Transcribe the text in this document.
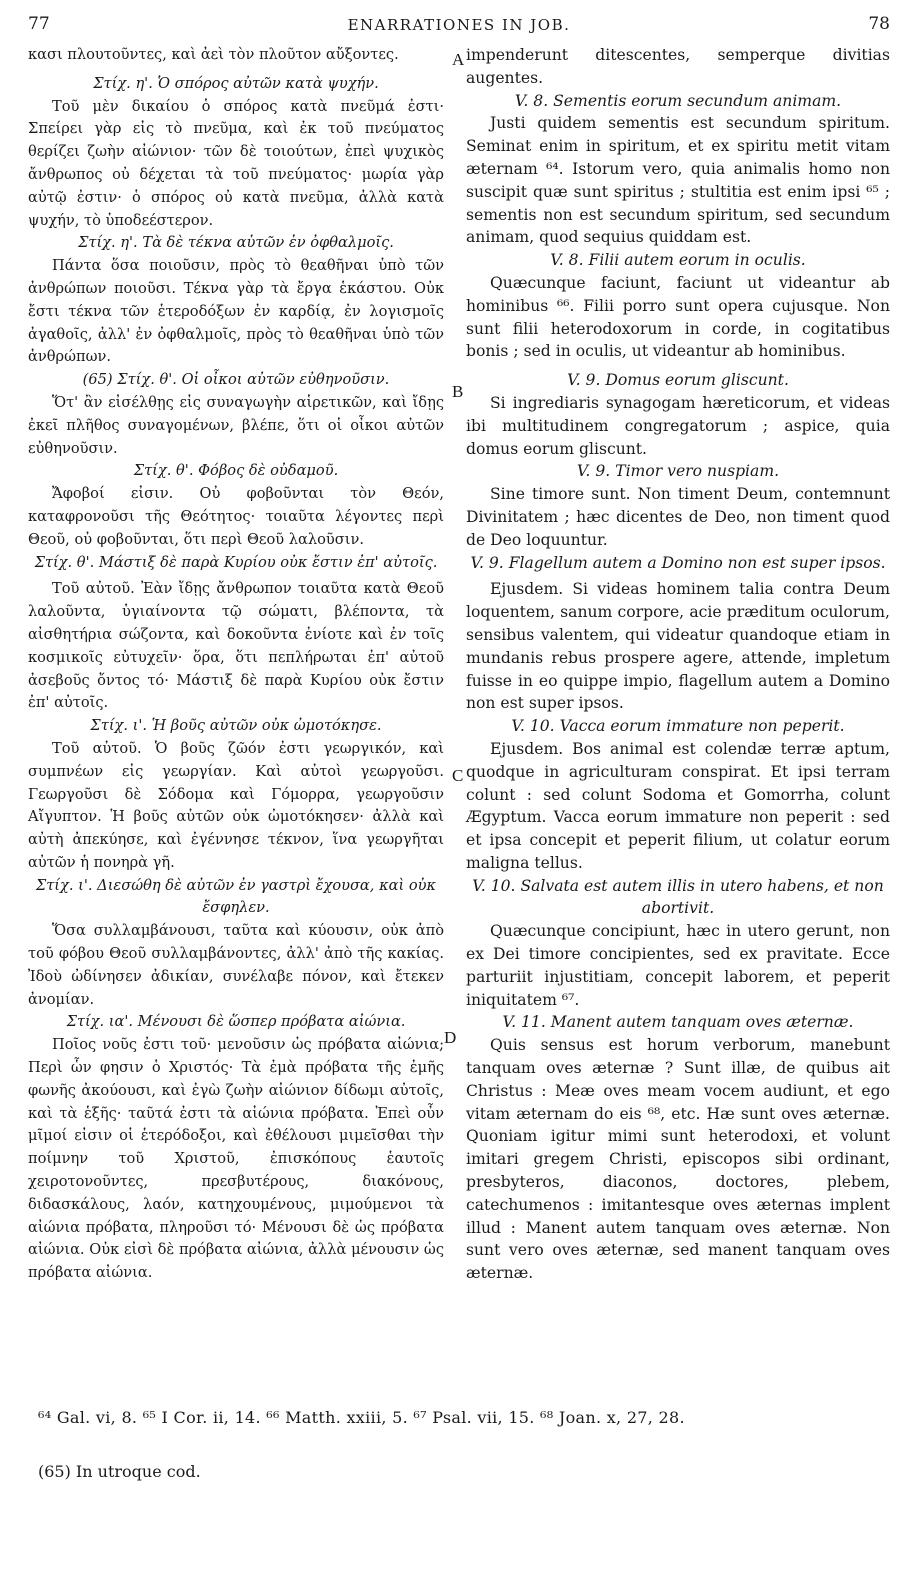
77	ENARRATIONES IN JOB.	78

κασι πλουτοῦντες, καὶ ἀεὶ τὸν πλοῦτον αὔξοντες.

Στίχ. η'. Ὁ σπόρος αὐτῶν κατὰ ψυχήν.

Τοῦ μὲν δικαίου ὁ σπόρος κατὰ πνεῦμά ἐστι· Σπείρει γὰρ εἰς τὸ πνεῦμα, καὶ ἐκ τοῦ πνεύματος θερίζει ζωὴν αἰώνιον· τῶν δὲ τοιούτων, ἐπεὶ ψυχικὸς ἄνθρωπος οὐ δέχεται τὰ τοῦ πνεύματος· μωρία γὰρ αὐτῷ ἐστιν· ὁ σπόρος οὐ κατὰ πνεῦμα, ἀλλὰ κατὰ ψυχήν, τὸ ὑποδεέστερον.

Στίχ. η'. Τὰ δὲ τέκνα αὐτῶν ἐν ὀφθαλμοῖς.

Πάντα ὅσα ποιοῦσιν, πρὸς τὸ θεαθῆναι ὑπὸ τῶν ἀνθρώπων ποιοῦσι. Τέκνα γὰρ τὰ ἔργα ἑκάστου. Οὐκ ἔστι τέκνα τῶν ἑτεροδόξων ἐν καρδίᾳ, ἐν λογισμοῖς ἀγαθοῖς, ἀλλ' ἐν ὀφθαλμοῖς, πρὸς τὸ θεαθῆναι ὑπὸ τῶν ἀνθρώπων.

(65) Στίχ. θ'. Οἱ οἶκοι αὐτῶν εὐθηνοῦσιν.

Ὅτ' ἂν εἰσέλθῃς εἰς συναγωγὴν αἱρετικῶν, καὶ ἴδῃς ἐκεῖ πλῆθος συναγομένων, βλέπε, ὅτι οἱ οἶκοι αὐτῶν εὐθηνοῦσιν.

Στίχ. θ'. Φόβος δὲ οὐδαμοῦ.

Ἄφοβοί εἰσιν. Οὐ φοβοῦνται τὸν Θεόν, καταφρονοῦσι τῆς Θεότητος· τοιαῦτα λέγοντες περὶ Θεοῦ, οὐ φοβοῦνται, ὅτι περὶ Θεοῦ λαλοῦσιν.

Στίχ. θ'. Μάστιξ δὲ παρὰ Κυρίου οὐκ ἔστιν ἐπ' αὐτοῖς.

Τοῦ αὐτοῦ. Ἐὰν ἴδῃς ἄνθρωπον τοιαῦτα κατὰ Θεοῦ λαλοῦντα, ὑγιαίνοντα τῷ σώματι, βλέποντα, τὰ αἰσθητήρια σώζοντα, καὶ δοκοῦντα ἐνίοτε καὶ ἐν τοῖς κοσμικοῖς εὐτυχεῖν· ὅρα, ὅτι πεπλήρωται ἐπ' αὐτοῦ ἀσεβοῦς ὄντος τό· Μάστιξ δὲ παρὰ Κυρίου οὐκ ἔστιν ἐπ' αὐτοῖς.

Στίχ. ι'. Ἡ βοῦς αὐτῶν οὐκ ὠμοτόκησε.

Τοῦ αὐτοῦ. Ὁ βοῦς ζῶόν ἐστι γεωργικόν, καὶ συμπνέων εἰς γεωργίαν. Καὶ αὐτοὶ γεωργοῦσι. Γεωργοῦσι δὲ Σόδομα καὶ Γόμορρα, γεωργοῦσιν Αἴγυπτον. Ἡ βοῦς αὐτῶν οὐκ ὠμοτόκησεν· ἀλλὰ καὶ αὐτὴ ἀπεκύησε, καὶ ἐγέννησε τέκνον, ἵνα γεωργῆται αὐτῶν ἡ πονηρὰ γῆ.

Στίχ. ι'. Διεσώθη δὲ αὐτῶν ἐν γαστρὶ ἔχουσα, καὶ οὐκ ἔσφηλεν.

Ὅσα συλλαμβάνουσι, ταῦτα καὶ κύουσιν, οὐκ ἀπὸ τοῦ φόβου Θεοῦ συλλαμβάνοντες, ἀλλ' ἀπὸ τῆς κακίας. Ἰδοὺ ὠδίνησεν ἀδικίαν, συνέλαβε πόνον, καὶ ἔτεκεν ἀνομίαν.

Στίχ. ια'. Μένουσι δὲ ὥσπερ πρόβατα αἰώνια.

Ποῖος νοῦς ἐστι τοῦ· μενοῦσιν ὡς πρόβατα αἰώνια; Περὶ ὧν φησιν ὁ Χριστός· Τὰ ἐμὰ πρόβατα τῆς ἐμῆς φωνῆς ἀκούουσι, καὶ ἐγὼ ζωὴν αἰώνιον δίδωμι αὐτοῖς, καὶ τὰ ἑξῆς· ταῦτά ἐστι τὰ αἰώνια πρόβατα. Ἐπεὶ οὖν μῖμοί εἰσιν οἱ ἑτερόδοξοι, καὶ ἐθέλουσι μιμεῖσθαι τὴν ποίμνην τοῦ Χριστοῦ, ἐπισκόπους ἑαυτοῖς χειροτονοῦντες, πρεσβυτέρους, διακόνους, διδασκάλους, λαόν, κατηχουμένους, μιμούμενοι τὰ αἰώνια πρόβατα, πληροῦσι τό· Μένουσι δὲ ὡς πρόβατα αἰώνια. Οὐκ εἰσὶ δὲ πρόβατα αἰώνια, ἀλλὰ μένουσιν ὡς πρόβατα αἰώνια.

impenderunt ditescentes, semperque divitias augentes.

V. 8. Sementis eorum secundum animam.

Justi quidem sementis est secundum spiritum. Seminat enim in spiritum, et ex spiritu metit vitam æternam ⁶⁴. Istorum vero, quia animalis homo non suscipit quæ sunt spiritus ; stultitia est enim ipsi ⁶⁵ ; sementis non est secundum spiritum, sed secundum animam, quod sequius quiddam est.

V. 8. Filii autem eorum in oculis.

Quæcunque faciunt, faciunt ut videantur ab hominibus ⁶⁶. Filii porro sunt opera cujusque. Non sunt filii heterodoxorum in corde, in cogitatibus bonis ; sed in oculis, ut videantur ab hominibus.

V. 9. Domus eorum gliscunt.

Si ingrediaris synagogam hæreticorum, et videas ibi multitudinem congregatorum ; aspice, quia domus eorum gliscunt.

V. 9. Timor vero nuspiam.

Sine timore sunt. Non timent Deum, contemnunt Divinitatem ; hæc dicentes de Deo, non timent quod de Deo loquuntur.

V. 9. Flagellum autem a Domino non est super ipsos.

Ejusdem. Si videas hominem talia contra Deum loquentem, sanum corpore, acie præditum oculorum, sensibus valentem, qui videatur quandoque etiam in mundanis rebus prospere agere, attende, impletum fuisse in eo quippe impio, flagellum autem a Domino non est super ipsos.

V. 10. Vacca eorum immature non peperit.

Ejusdem. Bos animal est colendæ terræ aptum, quodque in agriculturam conspirat. Et ipsi terram colunt : sed colunt Sodoma et Gomorrha, colunt Ægyptum. Vacca eorum immature non peperit : sed et ipsa concepit et peperit filium, ut colatur eorum maligna tellus.

V. 10. Salvata est autem illis in utero habens, et non abortivit.

Quæcunque concipiunt, hæc in utero gerunt, non ex Dei timore concipientes, sed ex pravitate. Ecce parturiit injustitiam, concepit laborem, et peperit iniquitatem ⁶⁷.

V. 11. Manent autem tanquam oves æternæ.

Quis sensus est horum verborum, manebunt tanquam oves æternæ ? Sunt illæ, de quibus ait Christus : Meæ oves meam vocem audiunt, et ego vitam æternam do eis ⁶⁸, etc. Hæ sunt oves æternæ. Quoniam igitur mimi sunt heterodoxi, et volunt imitari gregem Christi, episcopos sibi ordinant, presbyteros, diaconos, doctores, plebem, catechumenos : imitantesque oves æternas implent illud : Manent autem tanquam oves æternæ. Non sunt vero oves æternæ, sed manent tanquam oves æternæ.

A
B
C
D
⁶⁴ Gal. vi, 8. ⁶⁵ I Cor. ii, 14. ⁶⁶ Matth. xxiii, 5. ⁶⁷ Psal. vii, 15. ⁶⁸ Joan. x, 27, 28.
(65) In utroque cod.
